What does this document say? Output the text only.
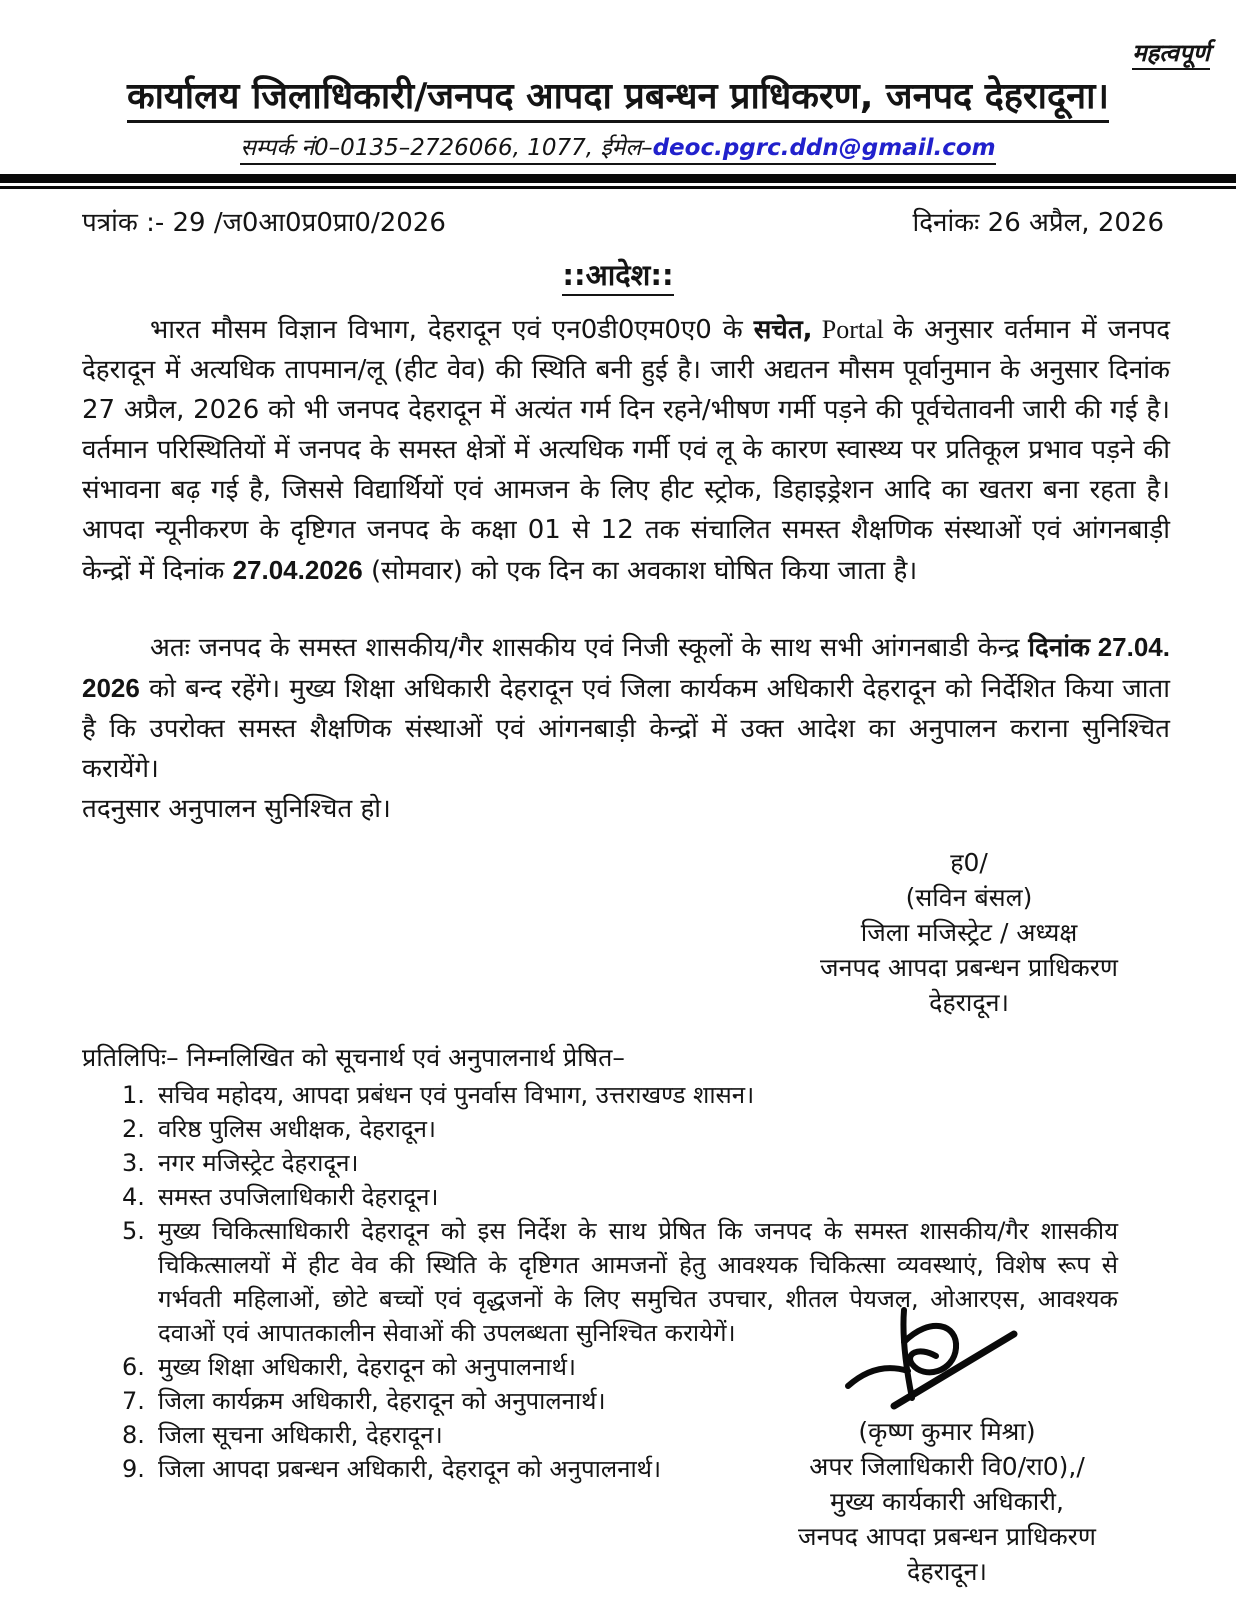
महत्वपूर्ण
कार्यालय जिलाधिकारी/जनपद आपदा प्रबन्धन प्राधिकरण, जनपद देहरादूना।
सम्पर्क नं0–0135–2726066, 1077, ईमेल–deoc.pgrc.ddn@gmail.com
पत्रांक :- 29 /ज0आ0प्र0प्रा0/2026	दिनांकः 26 अप्रैल, 2026
::आदेश::

भारत मौसम विज्ञान विभाग, देहरादून एवं एन0डी0एम0ए0 के सचेत, Portal के अनुसार वर्तमान में जनपद देहरादून में अत्यधिक तापमान/लू (हीट वेव) की स्थिति बनी हुई है। जारी अद्यतन मौसम पूर्वानुमान के अनुसार दिनांक 27 अप्रैल, 2026 को भी जनपद देहरादून में अत्यंत गर्म दिन रहने/भीषण गर्मी पड़ने की पूर्वचेतावनी जारी की गई है। वर्तमान परिस्थितियों में जनपद के समस्त क्षेत्रों में अत्यधिक गर्मी एवं लू के कारण स्वास्थ्य पर प्रतिकूल प्रभाव पड़ने की संभावना बढ़ गई है, जिससे विद्यार्थियों एवं आमजन के लिए हीट स्ट्रोक, डिहाइड्रेशन आदि का खतरा बना रहता है। आपदा न्यूनीकरण के दृष्टिगत जनपद के कक्षा 01 से 12 तक संचालित समस्त शैक्षणिक संस्थाओं एवं आंगनबाड़ी केन्द्रों में दिनांक 27.04.2026 (सोमवार) को एक दिन का अवकाश घोषित किया जाता है।

अतः जनपद के समस्त शासकीय/गैर शासकीय एवं निजी स्कूलों के साथ सभी आंगनबाडी केन्द्र दिनांक 27.04. 2026 को बन्द रहेंगे। मुख्य शिक्षा अधिकारी देहरादून एवं जिला कार्यकम अधिकारी देहरादून को निर्देशित किया जाता है कि उपरोक्त समस्त शैक्षणिक संस्थाओं एवं आंगनबाड़ी केन्द्रों में उक्त आदेश का अनुपालन कराना सुनिश्चित करायेंगे।

तदनुसार अनुपालन सुनिश्चित हो।

ह0/
(सविन बंसल)
जिला मजिस्ट्रेट / अध्यक्ष
जनपद आपदा प्रबन्धन प्राधिकरण
देहरादून।
प्रतिलिपिः– निम्नलिखित को सूचनार्थ एवं अनुपालनार्थ प्रेषित–
1. सचिव महोदय, आपदा प्रबंधन एवं पुनर्वास विभाग, उत्तराखण्ड शासन।
2. वरिष्ठ पुलिस अधीक्षक, देहरादून।
3. नगर मजिस्ट्रेट देहरादून।
4. समस्त उपजिलाधिकारी देहरादून।
5. मुख्य चिकित्साधिकारी देहरादून को इस निर्देश के साथ प्रेषित कि जनपद के समस्त शासकीय/गैर शासकीय चिकित्सालयों में हीट वेव की स्थिति के दृष्टिगत आमजनों हेतु आवश्यक चिकित्सा व्यवस्थाएं, विशेष रूप से गर्भवती महिलाओं, छोटे बच्चों एवं वृद्धजनों के लिए समुचित उपचार, शीतल पेयजल, ओआरएस, आवश्यक दवाओं एवं आपातकालीन सेवाओं की उपलब्धता सुनिश्चित करायेगें।
6. मुख्य शिक्षा अधिकारी, देहरादून को अनुपालनार्थ।
7. जिला कार्यक्रम अधिकारी, देहरादून को अनुपालनार्थ।
8. जिला सूचना अधिकारी, देहरादून।
9. जिला आपदा प्रबन्धन अधिकारी, देहरादून को अनुपालनार्थ।
(कृष्ण कुमार मिश्रा)
अपर जिलाधिकारी वि0/रा0),/
मुख्य कार्यकारी अधिकारी,
जनपद आपदा प्रबन्धन प्राधिकरण
देहरादून।
